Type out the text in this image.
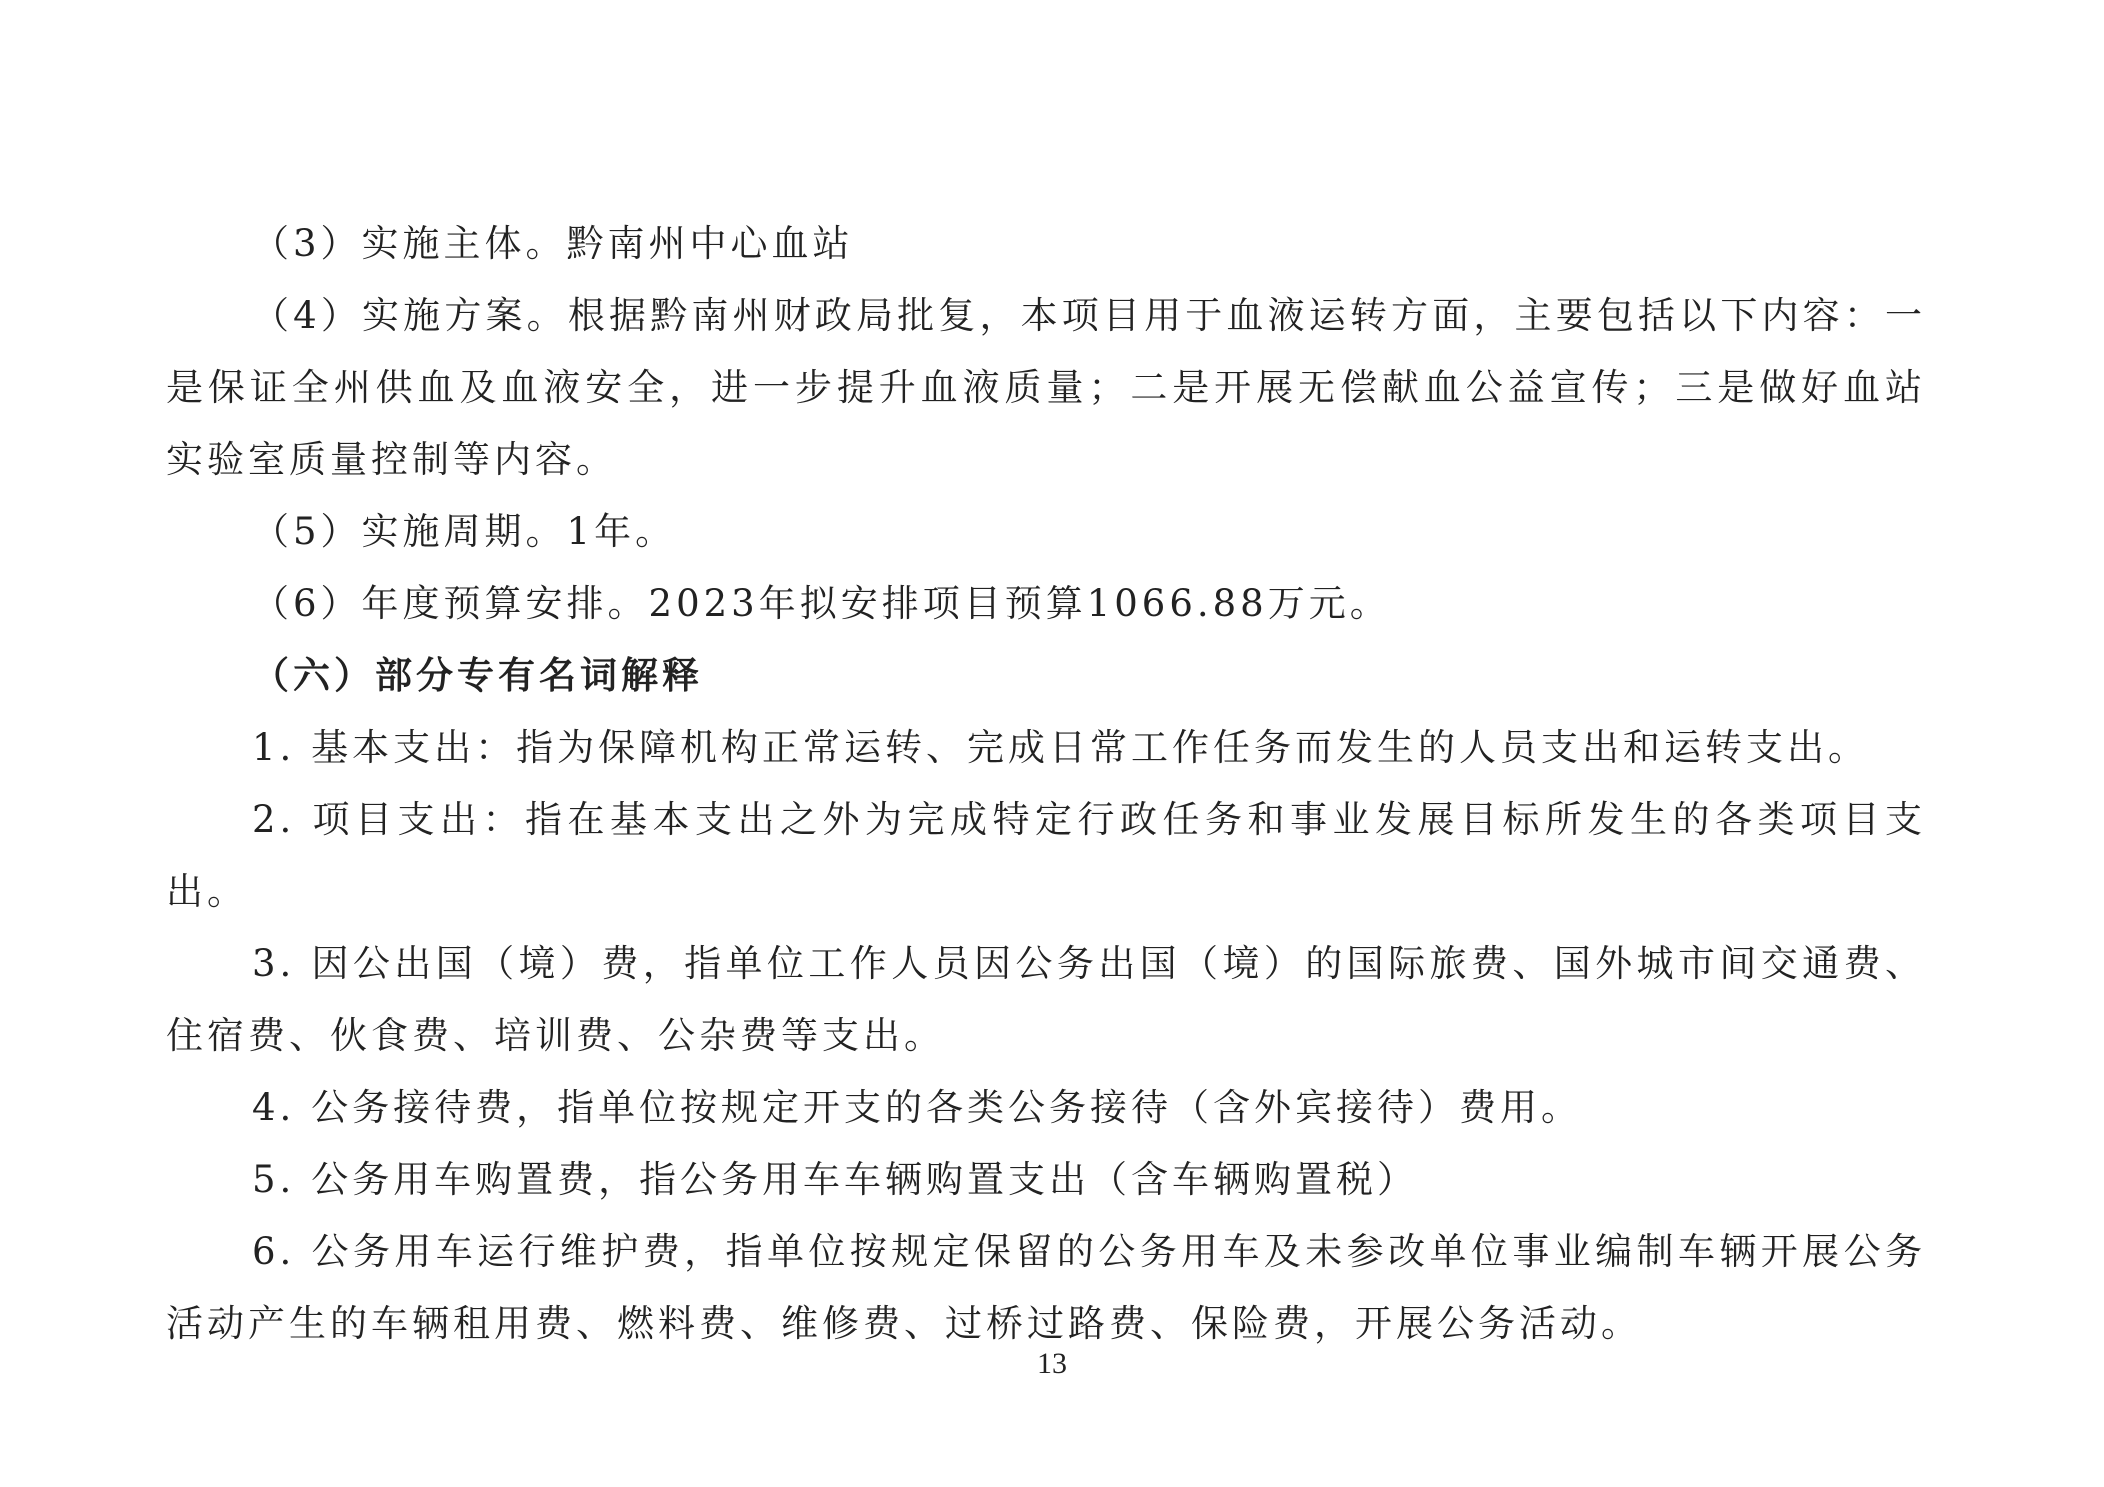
（3）实施主体。黔南州中心血站

（4）实施方案。根据黔南州财政局批复，本项目用于血液运转方面，主要包括以下内容：一是保证全州供血及血液安全，进一步提升血液质量；二是开展无偿献血公益宣传；三是做好血站实验室质量控制等内容。

（5）实施周期。1年。

（6）年度预算安排。2023年拟安排项目预算1066.88万元。

（六）部分专有名词解释

1. 基本支出：指为保障机构正常运转、完成日常工作任务而发生的人员支出和运转支出。

2. 项目支出：指在基本支出之外为完成特定行政任务和事业发展目标所发生的各类项目支出。

3. 因公出国（境）费，指单位工作人员因公务出国（境）的国际旅费、国外城市间交通费、住宿费、伙食费、培训费、公杂费等支出。

4. 公务接待费，指单位按规定开支的各类公务接待（含外宾接待）费用。

5. 公务用车购置费，指公务用车车辆购置支出（含车辆购置税）

6. 公务用车运行维护费，指单位按规定保留的公务用车及未参改单位事业编制车辆开展公务活动产生的车辆租用费、燃料费、维修费、过桥过路费、保险费，开展公务活动。

13
